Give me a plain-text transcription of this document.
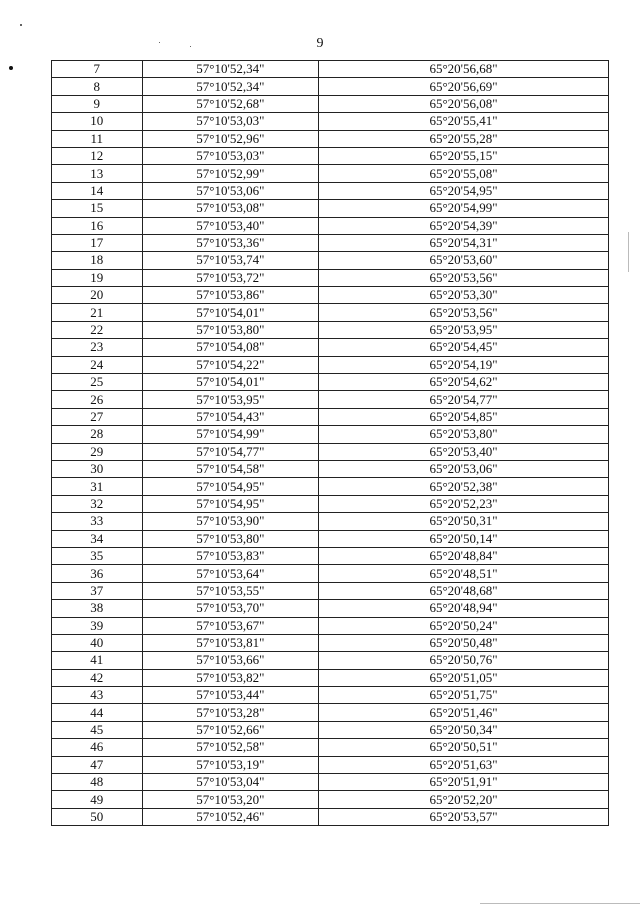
9
7	57°10'52,34"	65°20'56,68"
8	57°10'52,34"	65°20'56,69"
9	57°10'52,68"	65°20'56,08"
10	57°10'53,03"	65°20'55,41"
11	57°10'52,96"	65°20'55,28"
12	57°10'53,03"	65°20'55,15"
13	57°10'52,99"	65°20'55,08"
14	57°10'53,06"	65°20'54,95"
15	57°10'53,08"	65°20'54,99"
16	57°10'53,40"	65°20'54,39"
17	57°10'53,36"	65°20'54,31"
18	57°10'53,74"	65°20'53,60"
19	57°10'53,72"	65°20'53,56"
20	57°10'53,86"	65°20'53,30"
21	57°10'54,01"	65°20'53,56"
22	57°10'53,80"	65°20'53,95"
23	57°10'54,08"	65°20'54,45"
24	57°10'54,22"	65°20'54,19"
25	57°10'54,01"	65°20'54,62"
26	57°10'53,95"	65°20'54,77"
27	57°10'54,43"	65°20'54,85"
28	57°10'54,99"	65°20'53,80"
29	57°10'54,77"	65°20'53,40"
30	57°10'54,58"	65°20'53,06"
31	57°10'54,95"	65°20'52,38"
32	57°10'54,95"	65°20'52,23"
33	57°10'53,90"	65°20'50,31"
34	57°10'53,80"	65°20'50,14"
35	57°10'53,83"	65°20'48,84"
36	57°10'53,64"	65°20'48,51"
37	57°10'53,55"	65°20'48,68"
38	57°10'53,70"	65°20'48,94"
39	57°10'53,67"	65°20'50,24"
40	57°10'53,81"	65°20'50,48"
41	57°10'53,66"	65°20'50,76"
42	57°10'53,82"	65°20'51,05"
43	57°10'53,44"	65°20'51,75"
44	57°10'53,28"	65°20'51,46"
45	57°10'52,66"	65°20'50,34"
46	57°10'52,58"	65°20'50,51"
47	57°10'53,19"	65°20'51,63"
48	57°10'53,04"	65°20'51,91"
49	57°10'53,20"	65°20'52,20"
50	57°10'52,46"	65°20'53,57"
